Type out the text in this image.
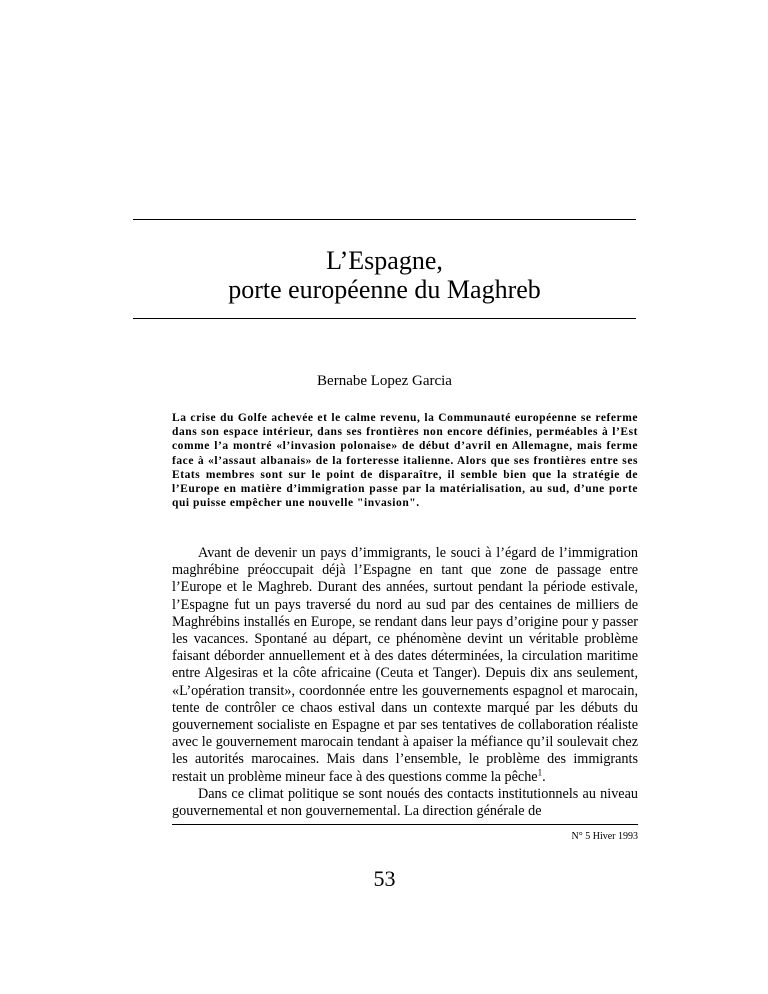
L’Espagne,
porte européenne du Maghreb
Bernabe Lopez Garcia
La crise du Golfe achevée et le calme revenu, la Communauté européenne se referme dans son espace intérieur, dans ses frontières non encore définies, perméables à l’Est comme l’a montré «l’invasion polonaise» de début d’avril en Allemagne, mais ferme face à «l’assaut albanais» de la forteresse italienne. Alors que ses frontières entre ses Etats membres sont sur le point de disparaître, il semble bien que la stratégie de l’Europe en matière d’immigration passe par la matérialisation, au sud, d’une porte qui puisse empêcher une nouvelle "invasion".

Avant de devenir un pays d’immigrants, le souci à l’égard de l’immigration maghrébine préoccupait déjà l’Espagne en tant que zone de passage entre l’Europe et le Maghreb. Durant des années, surtout pendant la période estivale, l’Espagne fut un pays traversé du nord au sud par des centaines de milliers de Maghrébins installés en Europe, se rendant dans leur pays d’origine pour y passer les vacances. Spontané au départ, ce phénomène devint un véritable problème faisant déborder annuellement et à des dates déterminées, la circulation maritime entre Algesiras et la côte africaine (Ceuta et Tanger). Depuis dix ans seulement, «L’opération transit», coordonnée entre les gouvernements espagnol et marocain, tente de contrôler ce chaos estival dans un contexte marqué par les débuts du gouvernement socialiste en Espagne et par ses tentatives de collaboration réaliste avec le gouvernement marocain tendant à apaiser la méfiance qu’il soulevait chez les autorités marocaines. Mais dans l’ensemble, le problème des immigrants restait un problème mineur face à des questions comme la pêche$^1$.

Dans ce climat politique se sont noués des contacts institutionnels au niveau gouvernemental et non gouvernemental. La direction générale de

N° 5 Hiver 1993
53
